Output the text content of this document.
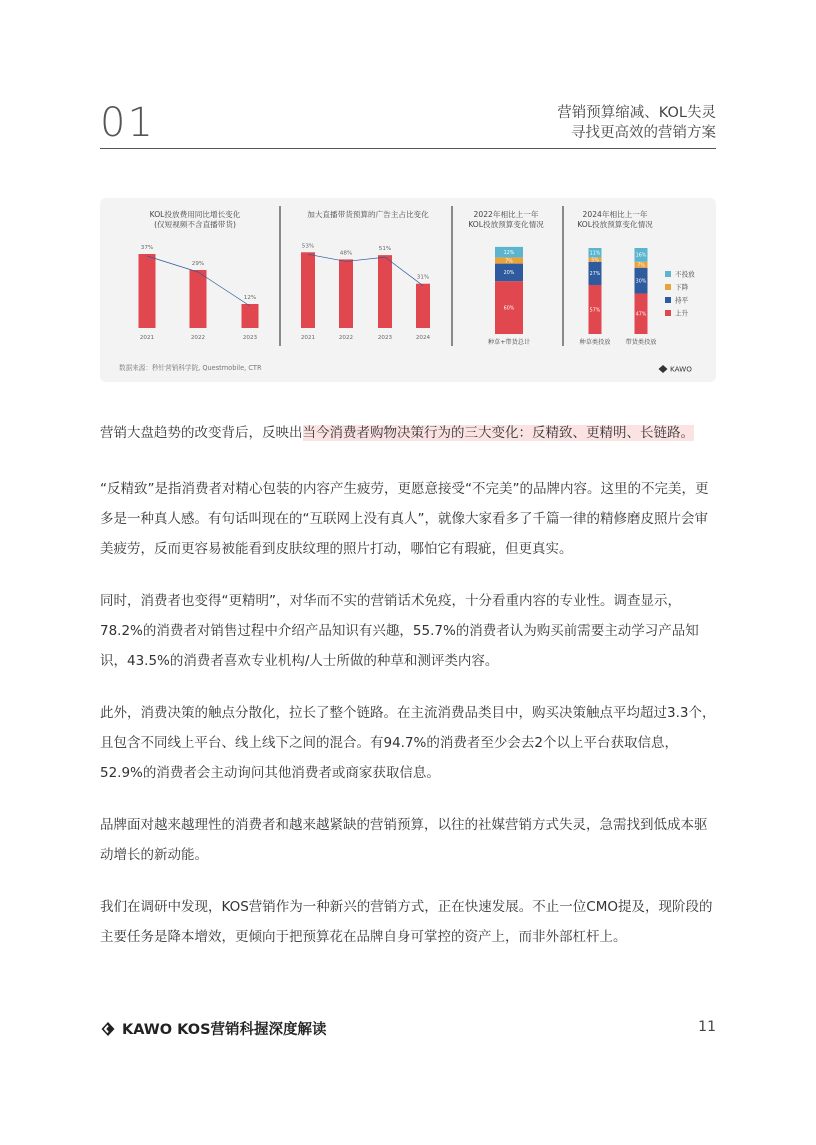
01	营销预算缩减、KOL失灵
寻找更高效的营销方案
KOL投放费用同比增长变化
(仅短视频不含直播带货)
37%
2021
29%
2022
12%
2023
加大直播带货预算的广告主占比变化
53%
2021
48%
2022
51%
2023
31%
2024
2022年相比上一年
KOL投放预算变化情况
60%
20%
7%
12%
种草+带货总计
2024年相比上一年
KOL投放预算变化情况
57%
27%
5%
11%
种草类投放
47%
30%
7%
16%
带货类投放
不投放
下降
持平
上升
数据来源：秒针营销科学院, Questmobile, CTR	KAWO

营销大盘趋势的改变背后，反映出当今消费者购物决策行为的三大变化：反精致、更精明、长链路。

“反精致”是指消费者对精心包装的内容产生疲劳，更愿意接受“不完美”的品牌内容。这里的不完美，更多是一种真人感。有句话叫现在的“互联网上没有真人”，就像大家看多了千篇一律的精修磨皮照片会审美疲劳，反而更容易被能看到皮肤纹理的照片打动，哪怕它有瑕疵，但更真实。

同时，消费者也变得“更精明”，对华而不实的营销话术免疫，十分看重内容的专业性。调查显示，78.2%的消费者对销售过程中介绍产品知识有兴趣，55.7%的消费者认为购买前需要主动学习产品知识，43.5%的消费者喜欢专业机构/人士所做的种草和测评类内容。

此外，消费决策的触点分散化，拉长了整个链路。在主流消费品类目中，购买决策触点平均超过3.3个，且包含不同线上平台、线上线下之间的混合。有94.7%的消费者至少会去2个以上平台获取信息，52.9%的消费者会主动询问其他消费者或商家获取信息。

品牌面对越来越理性的消费者和越来越紧缺的营销预算，以往的社媒营销方式失灵，急需找到低成本驱动增长的新动能。

我们在调研中发现，KOS营销作为一种新兴的营销方式，正在快速发展。不止一位CMO提及，现阶段的主要任务是降本增效，更倾向于把预算花在品牌自身可掌控的资产上，而非外部杠杆上。

KAWO KOS营销科握深度解读	11
